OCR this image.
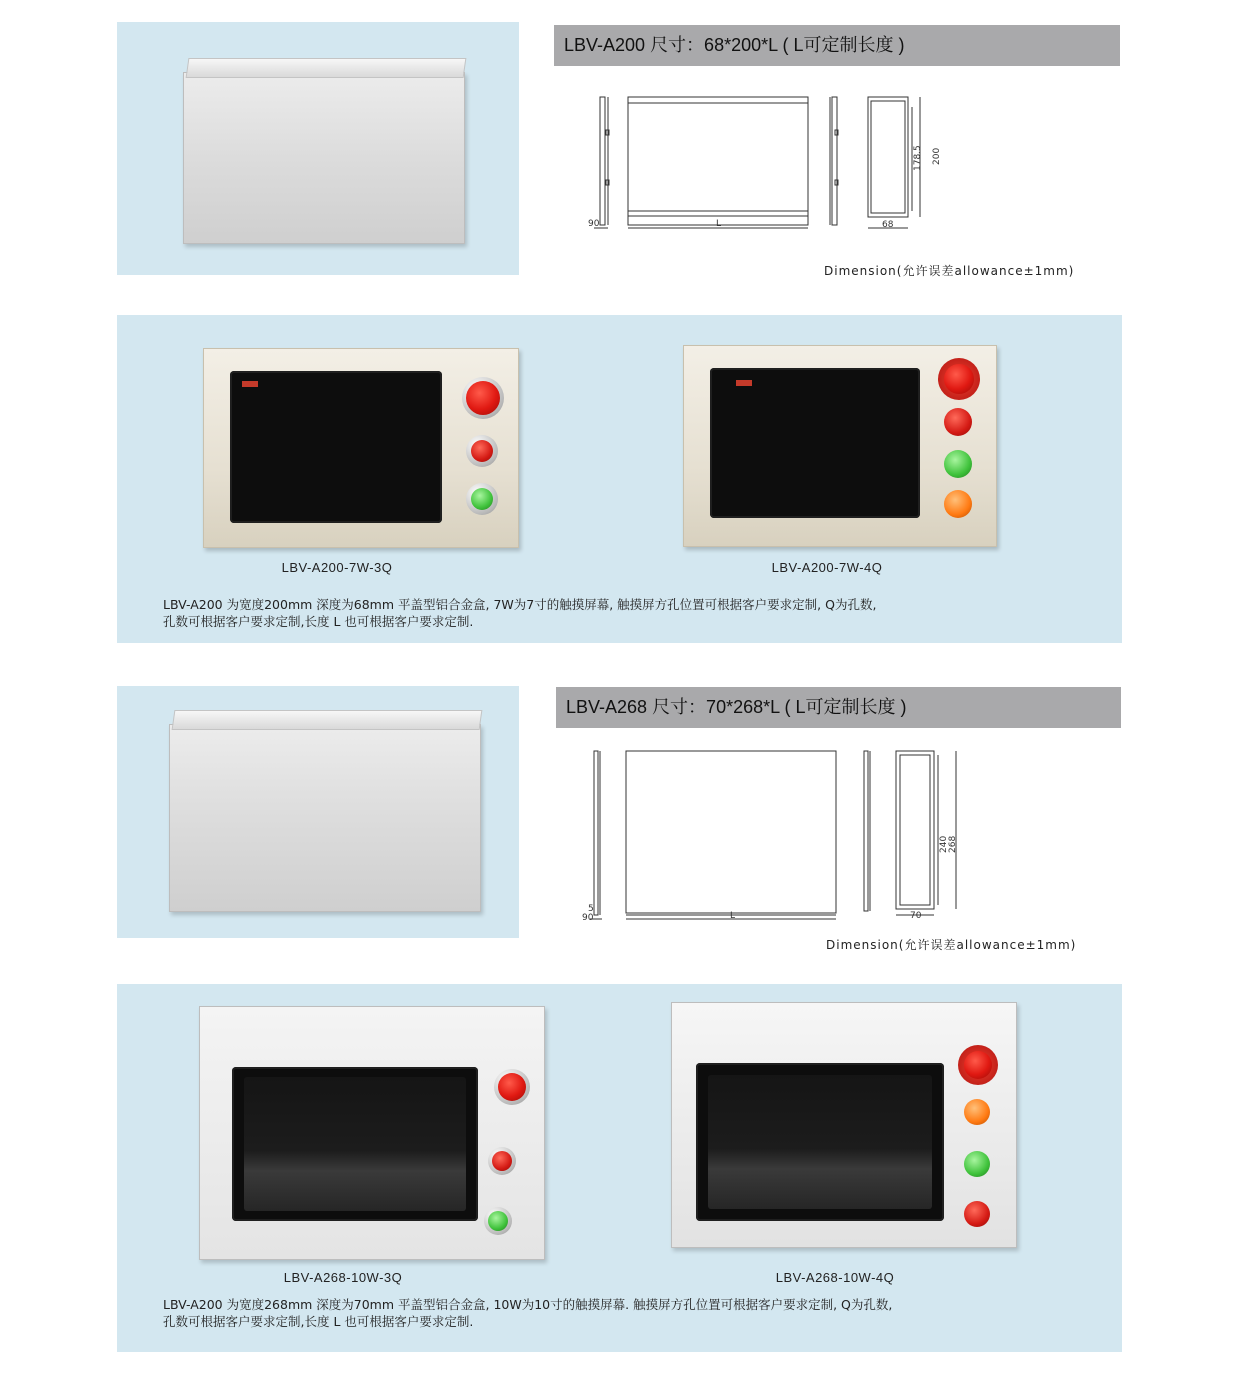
LBV-A200 尺寸：68*200*L ( L可定制长度 )
90	L	68
178.5 200
Dimension(允许误差allowance±1mm)
LBV-A200-7W-3Q	LBV-A200-7W-4Q
LBV-A200 为宽度200mm 深度为68mm 平盖型铝合金盒, 7W为7寸的触摸屏幕, 触摸屏方孔位置可根据客户要求定制, Q为孔数,
孔数可根据客户要求定制,长度 L 也可根据客户要求定制.
LBV-A268 尺寸：70*268*L ( L可定制长度 )
5
90	L	70
240 268
Dimension(允许误差allowance±1mm)
LBV-A268-10W-3Q	LBV-A268-10W-4Q
LBV-A200 为宽度268mm 深度为70mm 平盖型铝合金盒, 10W为10寸的触摸屏幕. 触摸屏方孔位置可根据客户要求定制, Q为孔数,
孔数可根据客户要求定制,长度 L 也可根据客户要求定制.
